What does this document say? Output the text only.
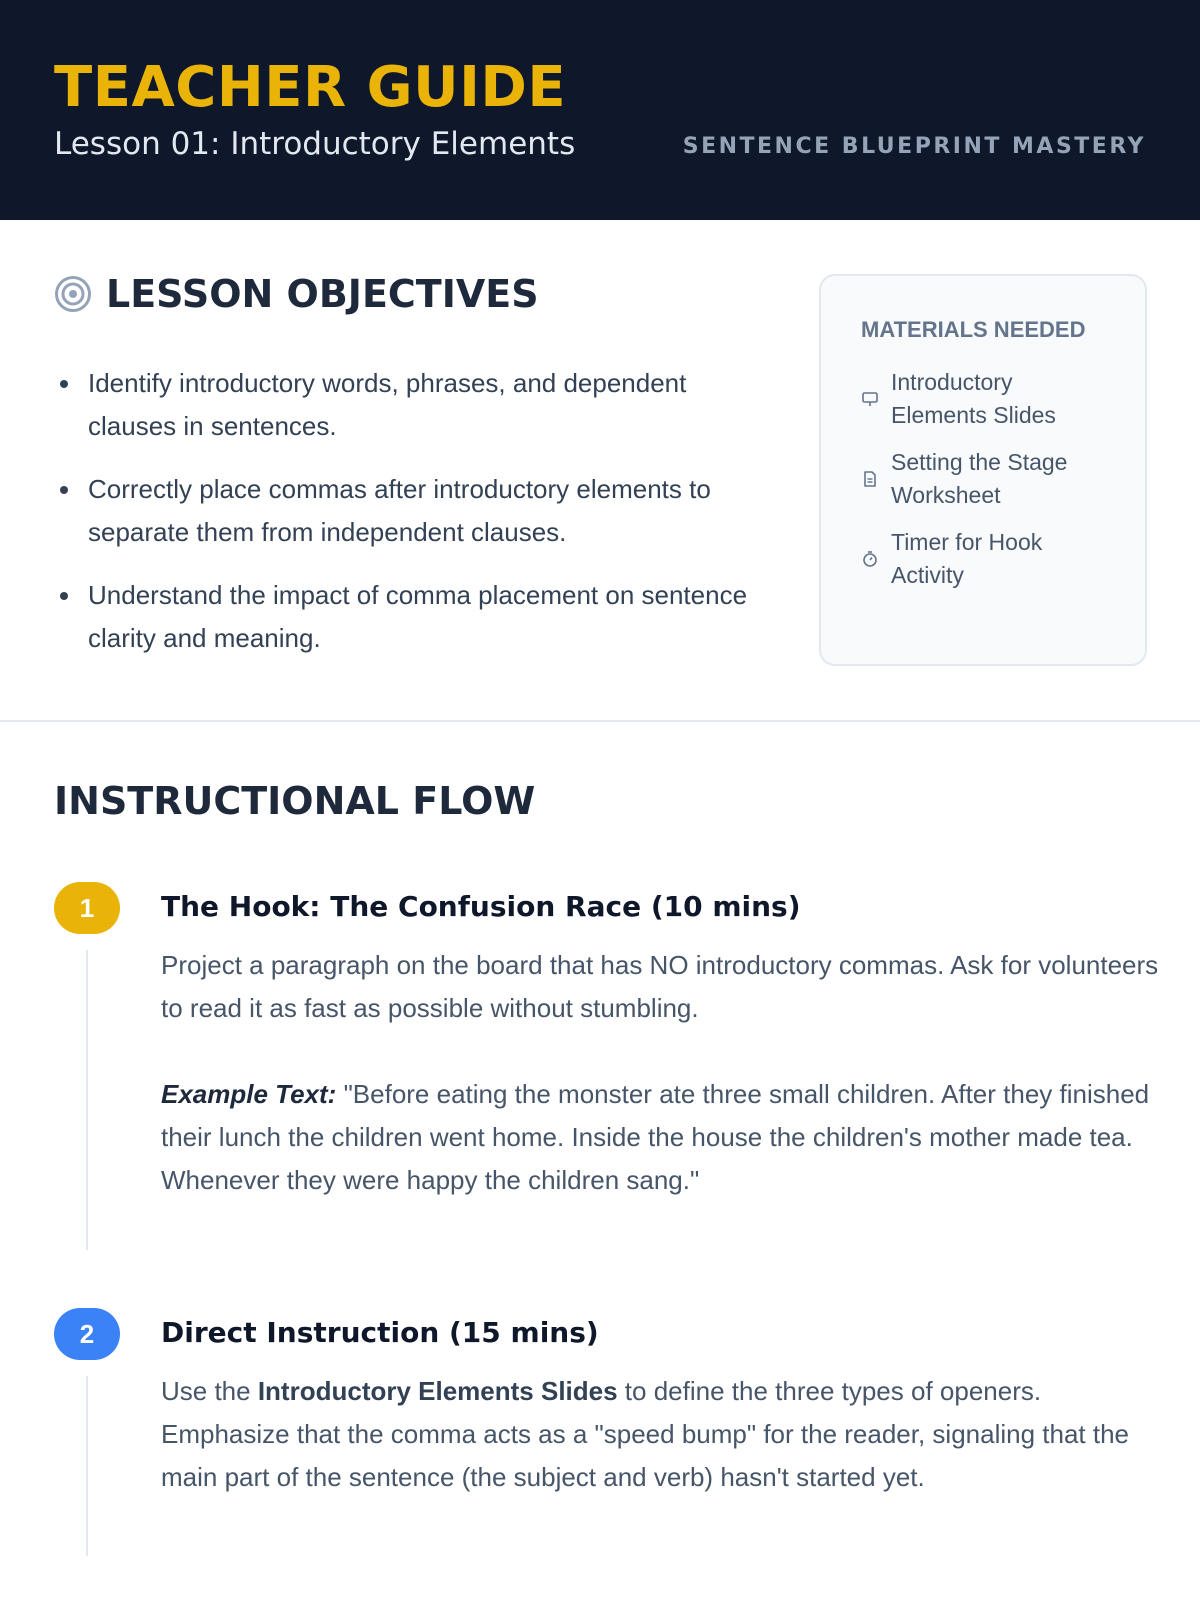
TEACHER GUIDE
Lesson 01: Introductory Elements	SENTENCE BLUEPRINT MASTERY
LESSON OBJECTIVES
Identify introductory words, phrases, and dependent clauses in sentences.
Correctly place commas after introductory elements to separate them from independent clauses.
Understand the impact of comma placement on sentence clarity and meaning.
MATERIALS NEEDED
Introductory Elements Slides
Setting the Stage Worksheet
Timer for Hook Activity
INSTRUCTIONAL FLOW
1	The Hook: The Confusion Race (10 mins)

Project a paragraph on the board that has NO introductory commas. Ask for volunteers to read it as fast as possible without stumbling.

Example Text: "Before eating the monster ate three small children. After they finished their lunch the children went home. Inside the house the children's mother made tea. Whenever they were happy the children sang."

2	Direct Instruction (15 mins)

Use the Introductory Elements Slides to define the three types of openers. Emphasize that the comma acts as a "speed bump" for the reader, signaling that the main part of the sentence (the subject and verb) hasn't started yet.
